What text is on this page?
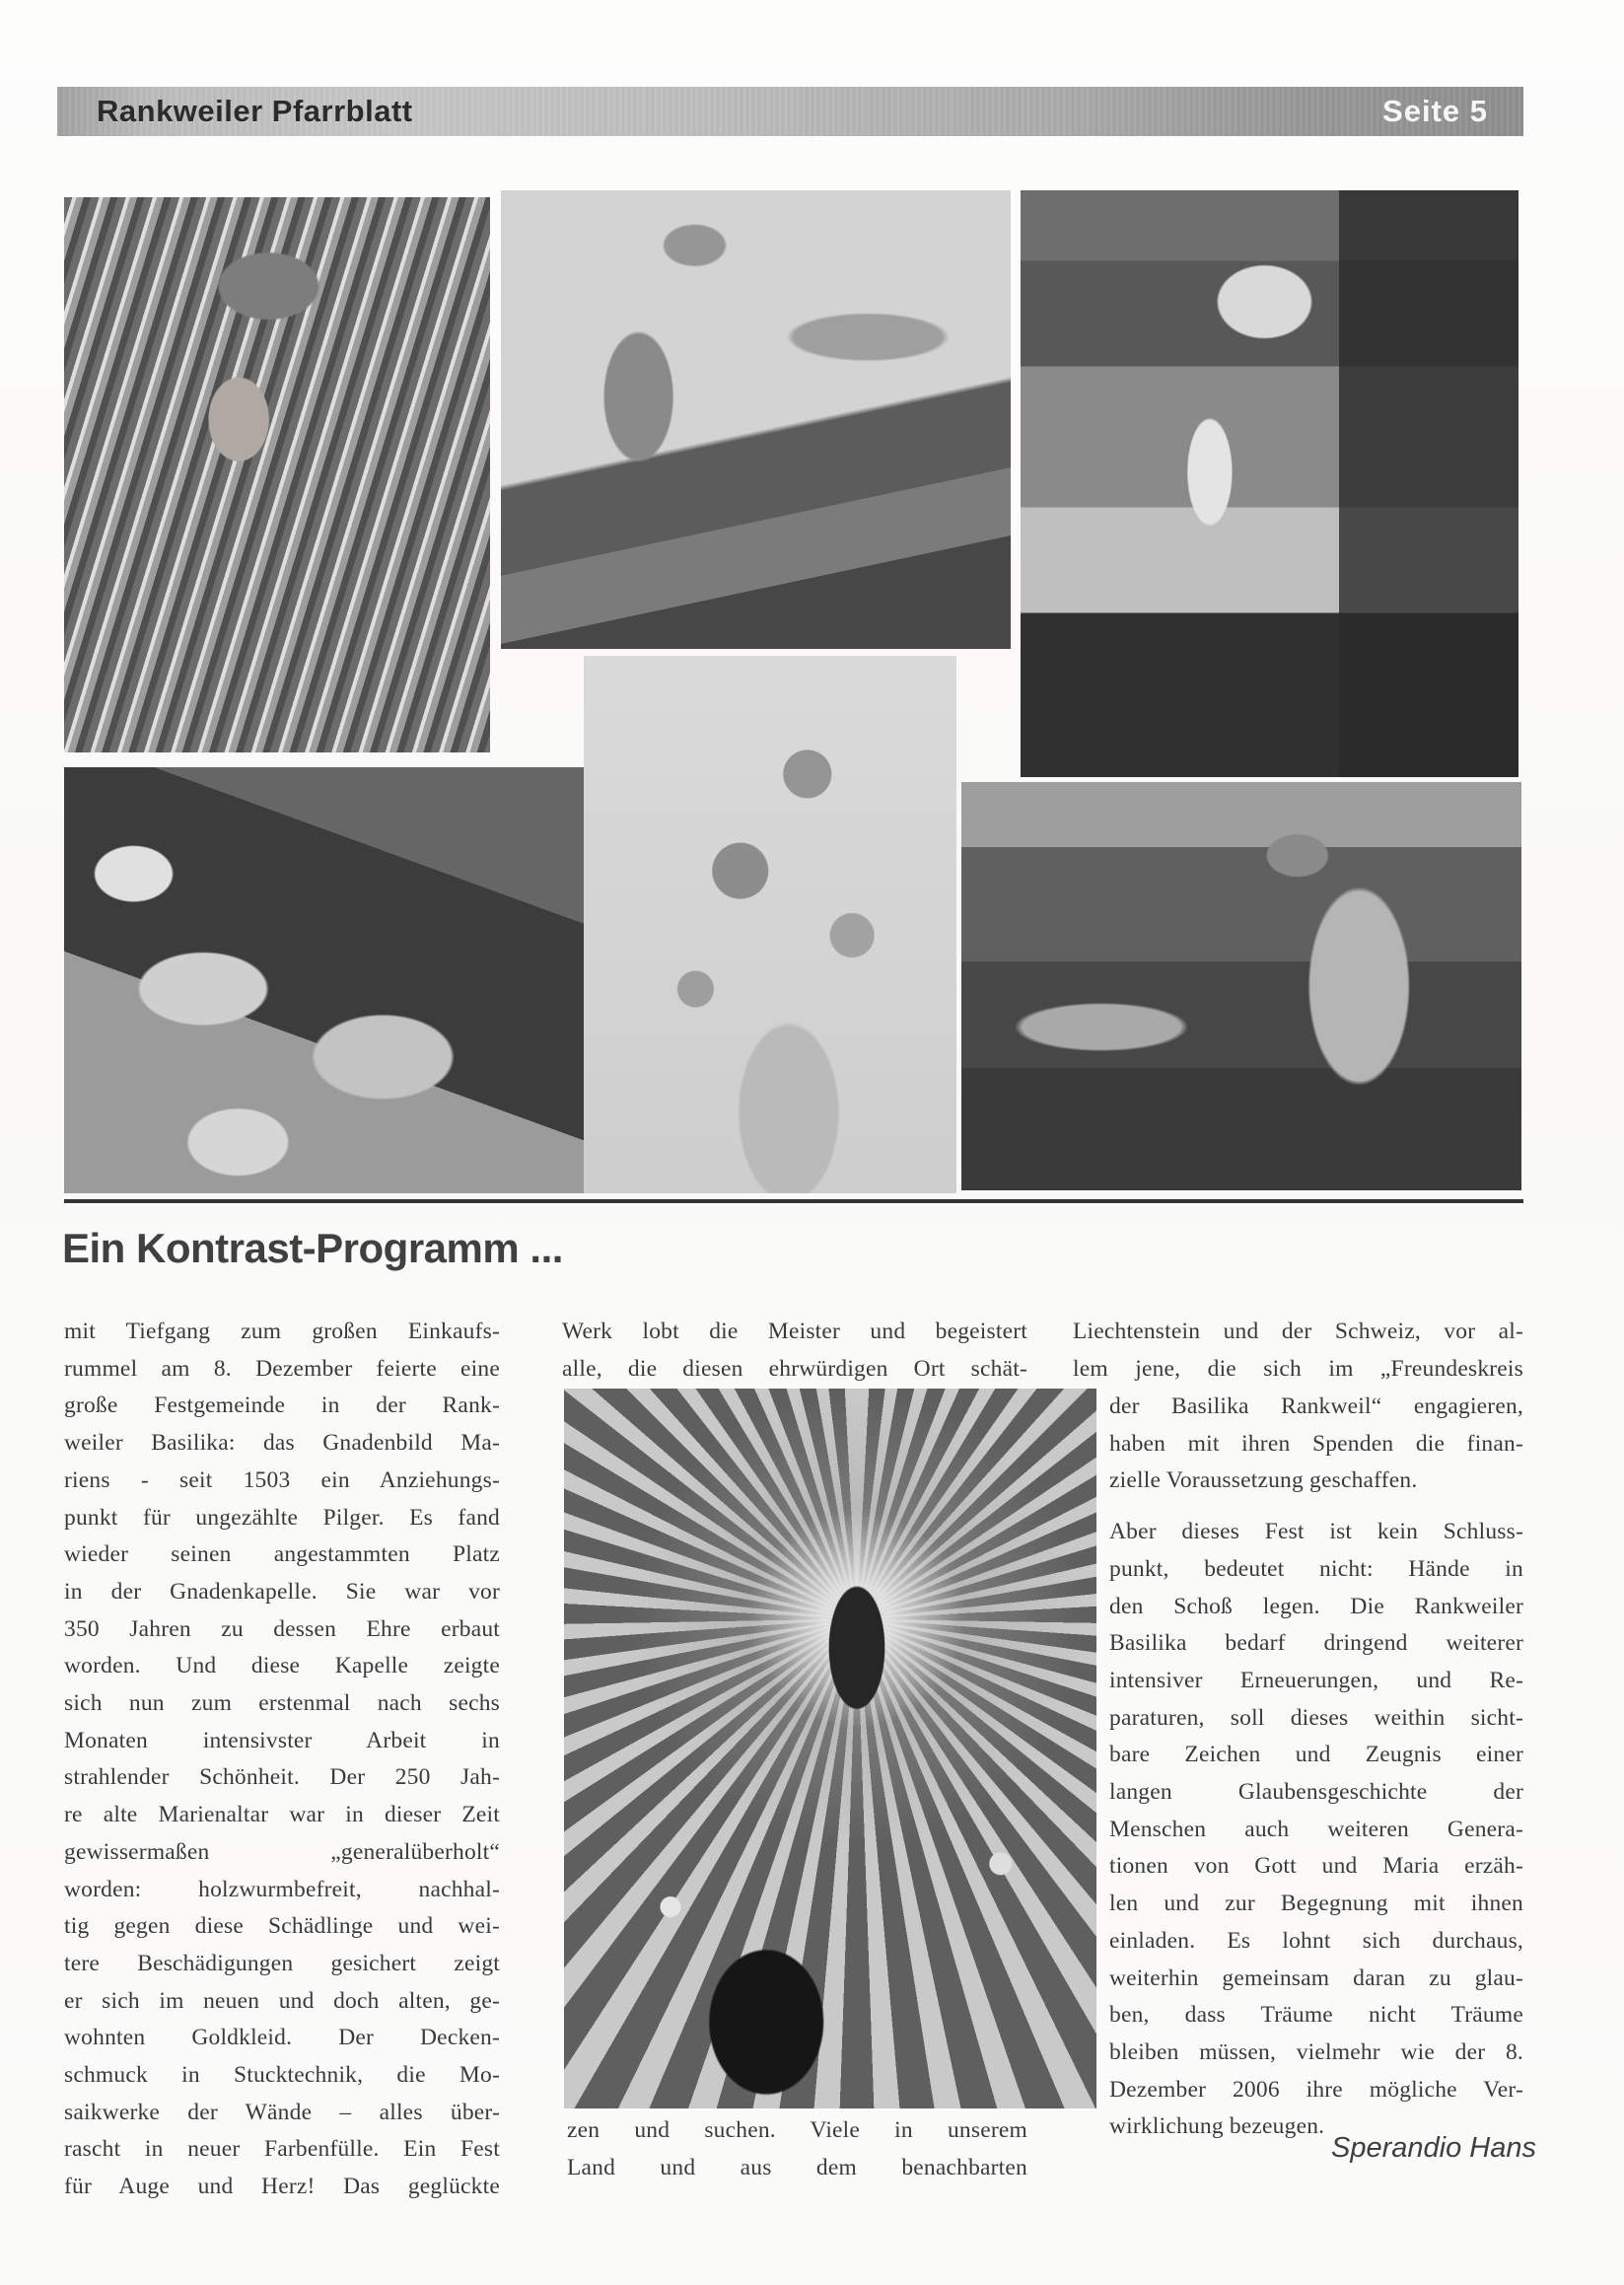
Rankweiler Pfarrblatt	Seite 5
Ein Kontrast-Programm ...
mit Tiefgang zum großen Einkaufs-
rummel am 8. Dezember feierte eine
große Festgemeinde in der Rank-
weiler Basilika: das Gnadenbild Ma-
riens - seit 1503 ein Anziehungs-
punkt für ungezählte Pilger. Es fand
wieder seinen angestammten Platz
in der Gnadenkapelle. Sie war vor
350 Jahren zu dessen Ehre erbaut
worden. Und diese Kapelle zeigte
sich nun zum erstenmal nach sechs
Monaten intensivster Arbeit in
strahlender Schönheit. Der 250 Jah-
re alte Marienaltar war in dieser Zeit
gewissermaßen „generalüberholt“
worden: holzwurmbefreit, nachhal-
tig gegen diese Schädlinge und wei-
tere Beschädigungen gesichert zeigt
er sich im neuen und doch alten, ge-
wohnten Goldkleid. Der Decken-
schmuck in Stucktechnik, die Mo-
saikwerke der Wände – alles über-
rascht in neuer Farbenfülle. Ein Fest
für Auge und Herz! Das geglückte
Werk lobt die Meister und begeistert
alle, die diesen ehrwürdigen Ort schät-
zen und suchen. Viele in unserem
Land und aus dem benachbarten
Liechtenstein und der Schweiz, vor al-
lem jene, die sich im „Freundeskreis
der Basilika Rankweil“ engagieren,
haben mit ihren Spenden die finan-
zielle Voraussetzung geschaffen.
Aber dieses Fest ist kein Schluss-
punkt, bedeutet nicht: Hände in
den Schoß legen. Die Rankweiler
Basilika bedarf dringend weiterer
intensiver Erneuerungen, und Re-
paraturen, soll dieses weithin sicht-
bare Zeichen und Zeugnis einer
langen Glaubensgeschichte der
Menschen auch weiteren Genera-
tionen von Gott und Maria erzäh-
len und zur Begegnung mit ihnen
einladen. Es lohnt sich durchaus,
weiterhin gemeinsam daran zu glau-
ben, dass Träume nicht Träume
bleiben müssen, vielmehr wie der 8.
Dezember 2006 ihre mögliche Ver-
wirklichung bezeugen.
Sperandio Hans
